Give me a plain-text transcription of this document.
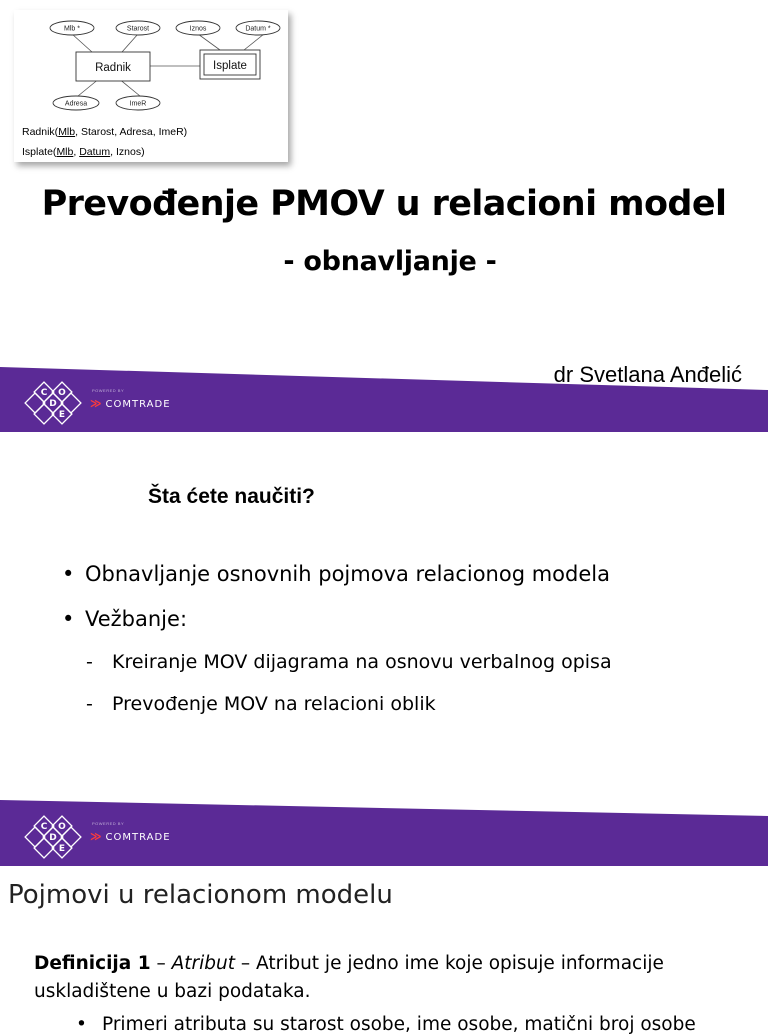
Mlb *	Starost	Iznos	Datum *
Adresa	ImeR
Radnik	Isplate
Radnik(Mlb, Starost, Adresa, ImeR)
Isplate(Mlb, Datum, Iznos)
Prevođenje PMOV u relacioni model
- obnavljanje -
dr Svetlana Anđelić
C O
D
E
POWERED BY
≫ COMTRADE
Šta ćete naučiti?
• Obnavljanje osnovnih pojmova relacionog modela
• Vežbanje:
-	Kreiranje MOV dijagrama na osnovu verbalnog opisa
-	Prevođenje MOV na relacioni oblik
C O
D
E
POWERED BY
≫ COMTRADE
Pojmovi u relacionom modelu

Definicija 1 – Atribut – Atribut je jedno ime koje opisuje informacije uskladištene u bazi podataka.

• Primeri atributa su starost osobe, ime osobe, matični broj osobe
